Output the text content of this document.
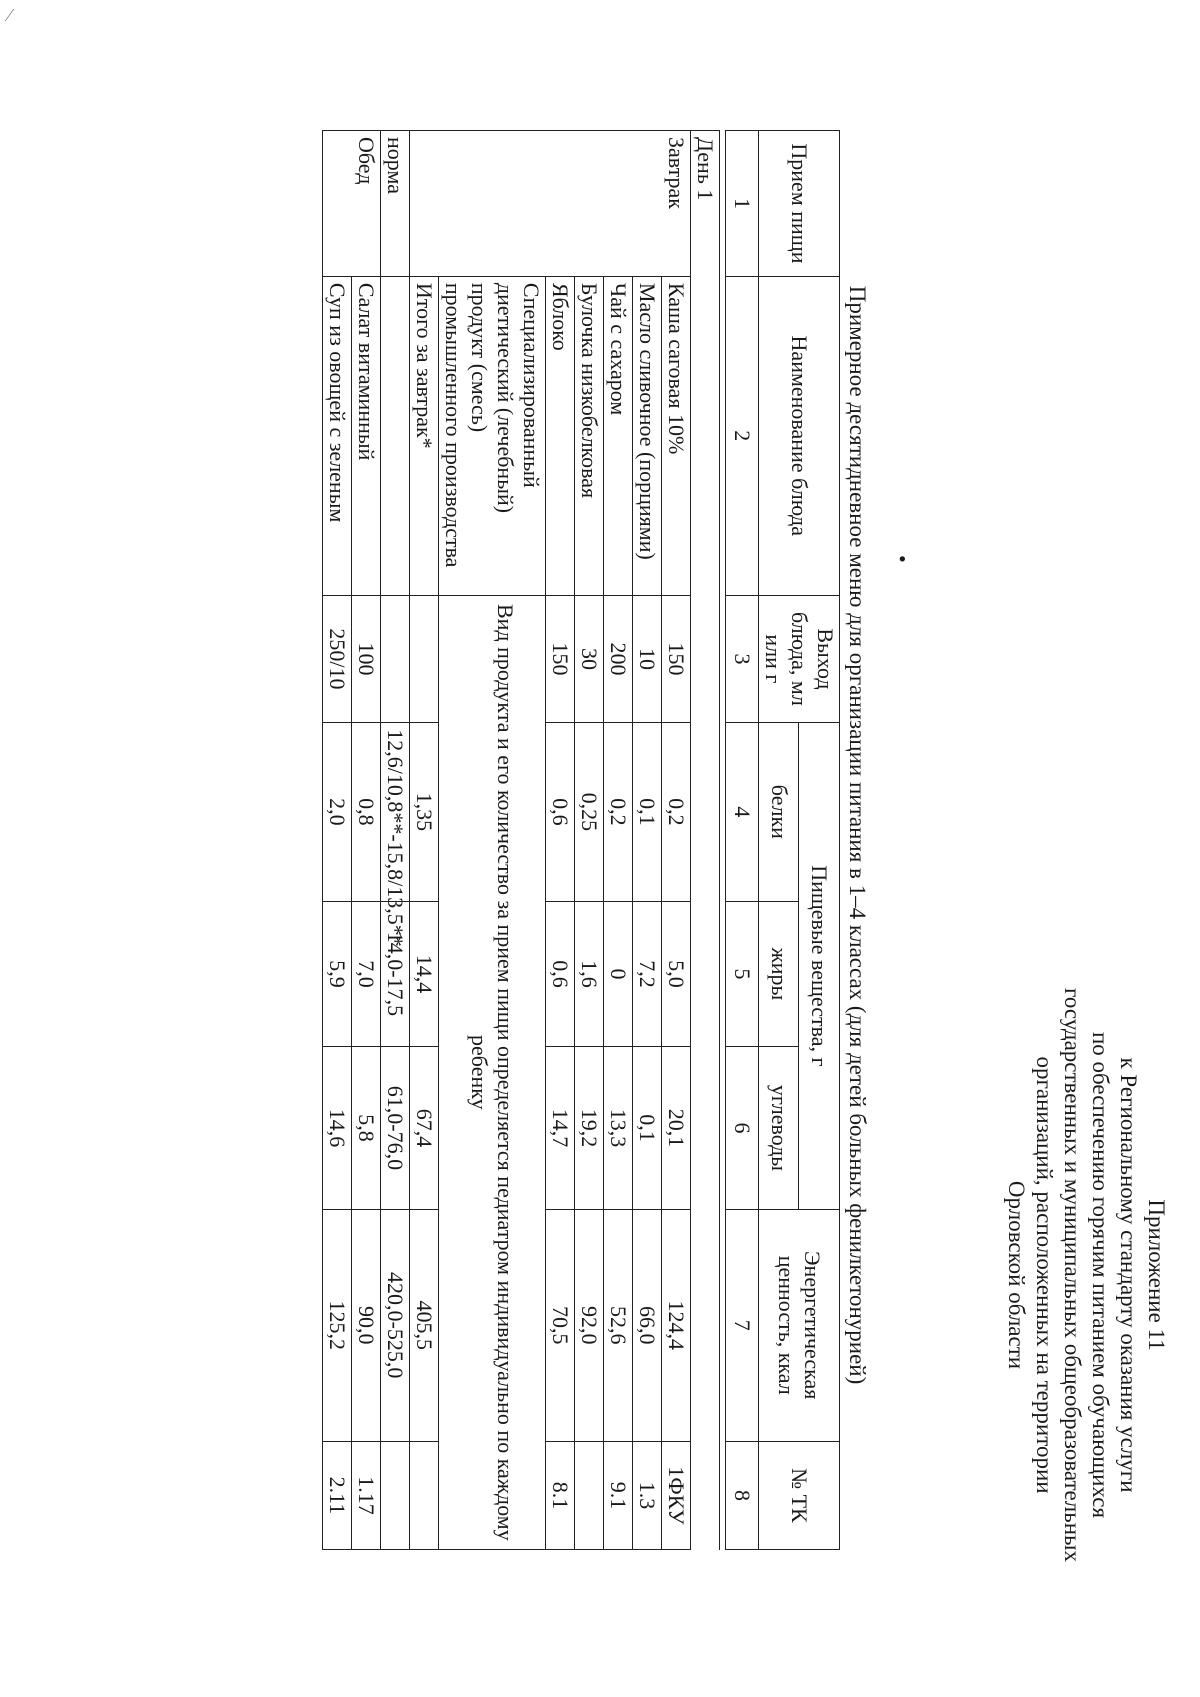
⁄
Приложение 11
к Региональному стандарту оказания услуги
по обеспечению горячим питанием обучающихся
государственных и муниципальных общеобразовательных
организаций, расположенных на территории
Орловской области
•
Примерное десятидневное меню для организации питания в 1–4 классах (для детей больных фенилкетонурией)
Прием пищи	Наименование блюда	Выход блюда, мл или г	Пищевые вещества, г			Энергетическая ценность, ккал	№ ТК
			белки	жиры	углеводы		
1	2	3	4	5	6	7	8

День 1							
Завтрак	Каша саговая 10%	150	0,2	5,0	20,1	124,4	1ФКУ
	Масло сливочное (порциями)	10	0,1	7,2	0,1	66,0	1.3
	Чай с сахаром	200	0,2	0	13,3	52,6	9.1
	Булочка низкобелковая	30	0,25	1,6	19,2	92,0	
	Яблоко	150	0,6	0,6	14,7	70,5	8.1
	Специализированный диетический (лечебный) продукт (смесь) промышленного производства	Вид продукта и его количество за прием пищи определяется педиатром индивидуально по каждому ребенку					
	Итого за завтрак*		1,35	14,4	67,4	405,5	
норма			12,6/10,8**-15,8/13,5**	14,0-17,5	61,0-76,0	420,0-525,0	
Обед	Салат витаминный	100	0,8	7,0	5,8	90,0	1.17
	Суп из овощей с зеленым	250/10	2,0	5,9	14,6	125,2	2.11
